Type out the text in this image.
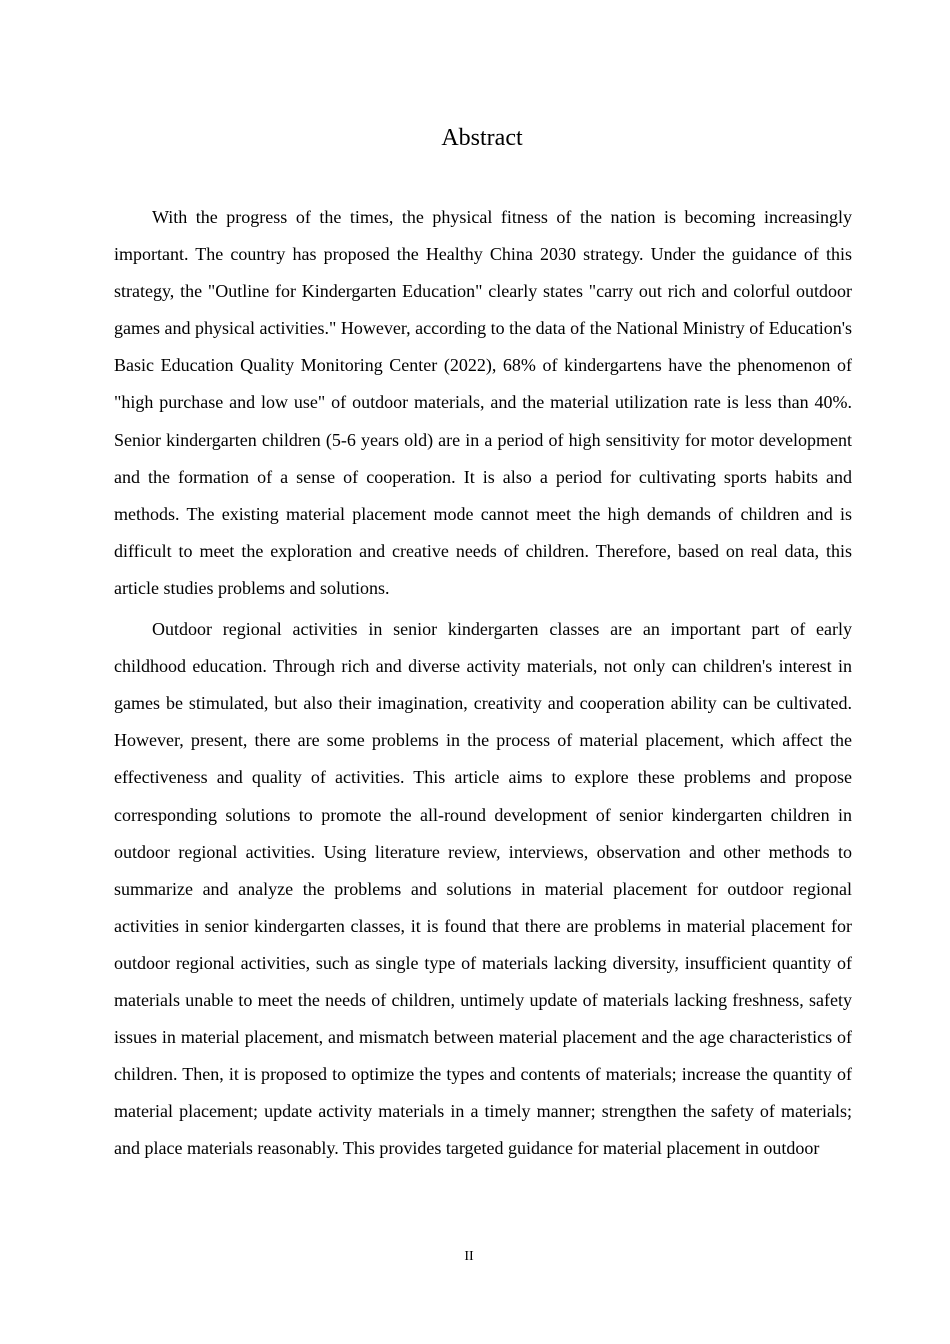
Abstract

With the progress of the times, the physical fitness of the nation is becoming increasingly important. The country has proposed the Healthy China 2030 strategy. Under the guidance of this strategy, the "Outline for Kindergarten Education" clearly states "carry out rich and colorful outdoor games and physical activities." However, according to the data of the National Ministry of Education's Basic Education Quality Monitoring Center (2022), 68% of kindergartens have the phenomenon of "high purchase and low use" of outdoor materials, and the material utilization rate is less than 40%. Senior kindergarten children (5-6 years old) are in a period of high sensitivity for motor development and the formation of a sense of cooperation. It is also a period for cultivating sports habits and methods. The existing material placement mode cannot meet the high demands of children and is difficult to meet the exploration and creative needs of children. Therefore, based on real data, this article studies problems and solutions.

Outdoor regional activities in senior kindergarten classes are an important part of early childhood education. Through rich and diverse activity materials, not only can children's interest in games be stimulated, but also their imagination, creativity and cooperation ability can be cultivated. However, present, there are some problems in the process of material placement, which affect the effectiveness and quality of activities. This article aims to explore these problems and propose corresponding solutions to promote the all-round development of senior kindergarten children in outdoor regional activities. Using literature review, interviews, observation and other methods to summarize and analyze the problems and solutions in material placement for outdoor regional activities in senior kindergarten classes, it is found that there are problems in material placement for outdoor regional activities, such as single type of materials lacking diversity, insufficient quantity of materials unable to meet the needs of children, untimely update of materials lacking freshness, safety issues in material placement, and mismatch between material placement and the age characteristics of children. Then, it is proposed to optimize the types and contents of materials; increase the quantity of material placement; update activity materials in a timely manner; strengthen the safety of materials; and place materials reasonably. This provides targeted guidance for material placement in outdoor

II
